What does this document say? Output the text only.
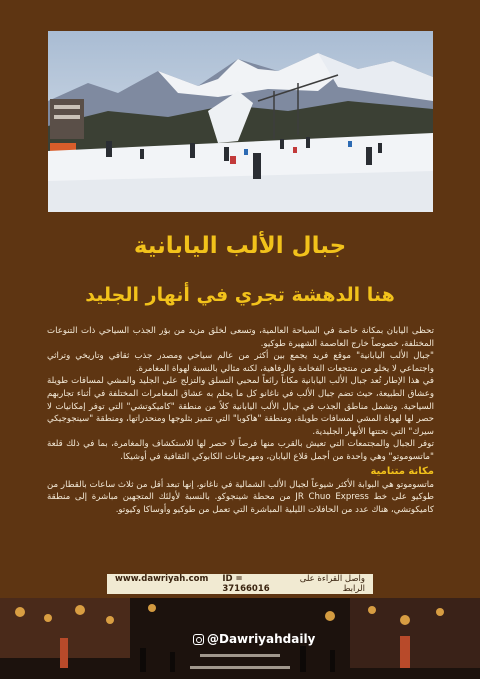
جبال الألب اليابانية
هنا الدهشة تجري في أنهار الجليد

تحظى اليابان بمكانة خاصة في السياحة العالمية، وتسعى لخلق مزيد من بؤر الجذب السياحي ذات التنوعات المختلفة، خصوصاً خارج العاصمة الشهيرة طوكيو.

"جبال الألب اليابانية" موقع فريد يجمع بين أكثر من عالم سياحي ومصدر جذب ثقافي وتاريخي وتراثي واجتماعي لا يخلو من منتجعات الفخامة والرفاهية، لكنه مثالي بالنسبة لهواة المغامرة.

في هذا الإطار تُعد جبال الألب اليابانية مكاناً رائعاً لمحبي التسلق والتزلج على الجليد والمشي لمسافات طويلة وعشاق الطبيعة، حيث تضم جبال الألب في ناغانو كل ما يحلم به عشاق المغامرات المختلفة في أثناء تجاربهم السياحية. وتشمل مناطق الجذب في جبال الألب اليابانية كلاً من منطقة "كاميكوتشي" التي توفر إمكانيات لا حصر لها لهواة المشي لمسافات طويلة، ومنطقة "هاكوبا" التي تتميز بثلوجها ومنحدراتها، ومنطقة "سينجوجيكي سيرك" التي نحتتها الأنهار الجليدية.

توفر الجبال والمجتمعات التي تعيش بالقرب منها فرصاً لا حصر لها للاستكشاف والمغامرة، بما في ذلك قلعة "ماتسوموتو" وهي واحدة من أجمل قلاع اليابان، ومهرجانات الكابوكي الثقافية في أوشيكا.

مكانة متنامية

ماتسوموتو هي البوابة الأكثر شيوعاً لجبال الألب الشمالية في ناغانو، إنها تبعد أقل من ثلاث ساعات بالقطار من طوكيو على خط JR Chuo Express من محطة شينجوكو. بالنسبة لأولئك المتجهين مباشرة إلى منطقة كاميكوتشي، هناك عدد من الحافلات الليلية المباشرة التي تعمل من طوكيو وأوساكا وكيوتو.

www.dawriyah.com ID = 37166016
واصل القراءة على الرابط
@Dawriyahdaily
